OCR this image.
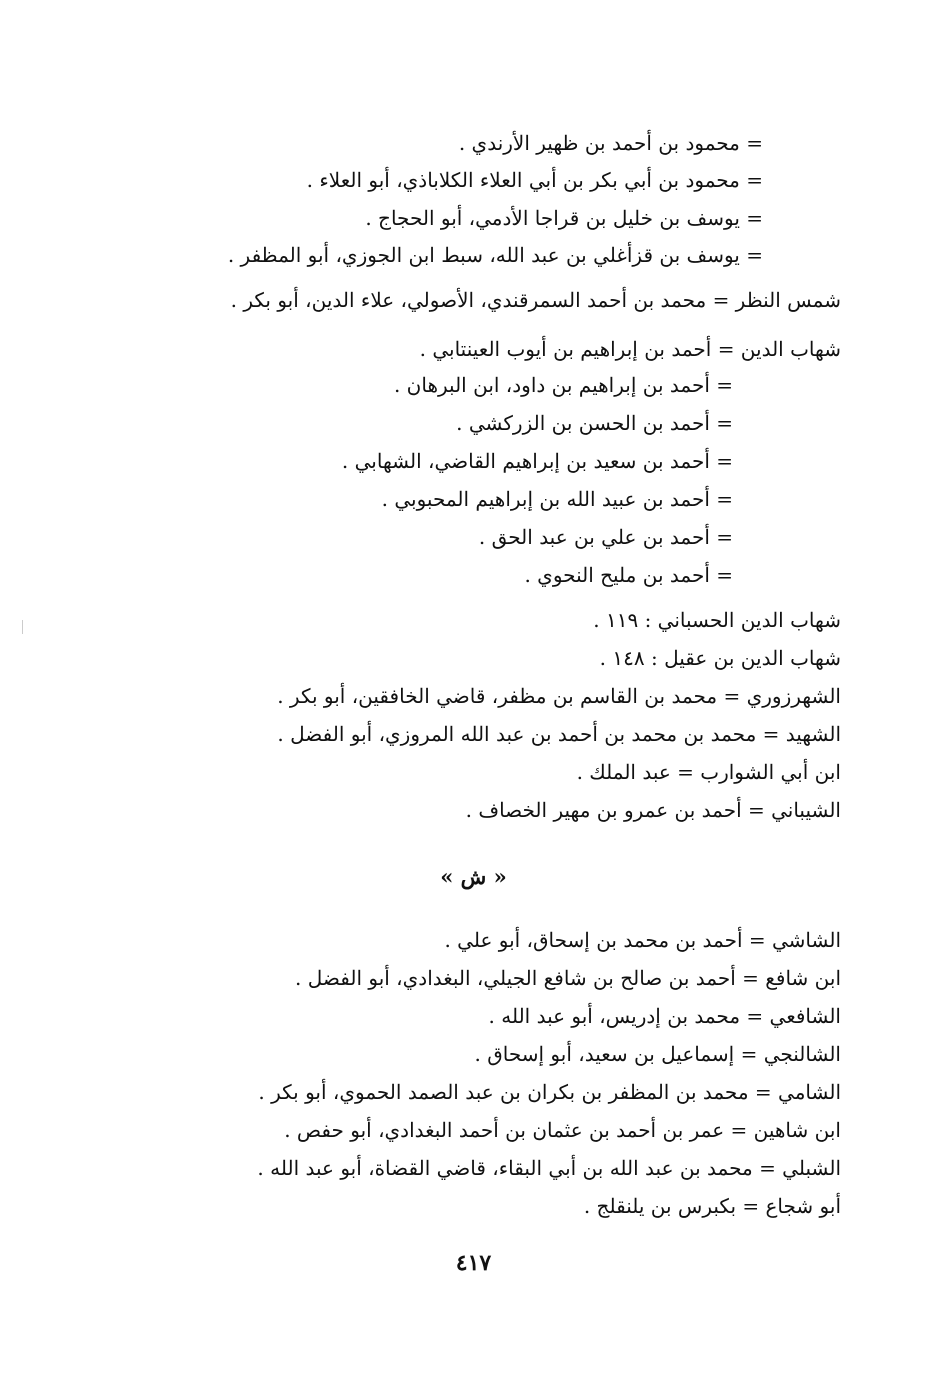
= محمود بن أحمد بن ظهير الأرندي .
= محمود بن أبي بكر بن أبي العلاء الكلاباذي، أبو العلاء .
= يوسف بن خليل بن قراجا الأدمي، أبو الحجاج .
= يوسف بن قزأغلي بن عبد الله، سبط ابن الجوزي، أبو المظفر .
شمس النظر = محمد بن أحمد السمرقندي، الأصولي، علاء الدين، أبو بكر .
شهاب الدين = أحمد بن إبراهيم بن أيوب العينتابي .
= أحمد بن إبراهيم بن داود، ابن البرهان .
= أحمد بن الحسن بن الزركشي .
= أحمد بن سعيد بن إبراهيم القاضي، الشهابي .
= أحمد بن عبيد الله بن إبراهيم المحبوبي .
= أحمد بن علي بن عبد الحق .
= أحمد بن مليح النحوي .
شهاب الدين الحسباني : ١١٩ .
شهاب الدين بن عقيل : ١٤٨ .
الشهرزوري = محمد بن القاسم بن مظفر، قاضي الخافقين، أبو بكر .
الشهيد = محمد بن محمد بن أحمد بن عبد الله المروزي، أبو الفضل .
ابن أبي الشوارب = عبد الملك .
الشيباني = أحمد بن عمرو بن مهير الخصاف .
« ش »
الشاشي = أحمد بن محمد بن إسحاق، أبو علي .
ابن شافع = أحمد بن صالح بن شافع الجيلي، البغدادي، أبو الفضل .
الشافعي = محمد بن إدريس، أبو عبد الله .
الشالنجي = إسماعيل بن سعيد، أبو إسحاق .
الشامي = محمد بن المظفر بن بكران بن عبد الصمد الحموي، أبو بكر .
ابن شاهين = عمر بن أحمد بن عثمان بن أحمد البغدادي، أبو حفص .
الشبلي = محمد بن عبد الله بن أبي البقاء، قاضي القضاة، أبو عبد الله .
أبو شجاع = بكبرس بن يلنقلج .
٤١٧
